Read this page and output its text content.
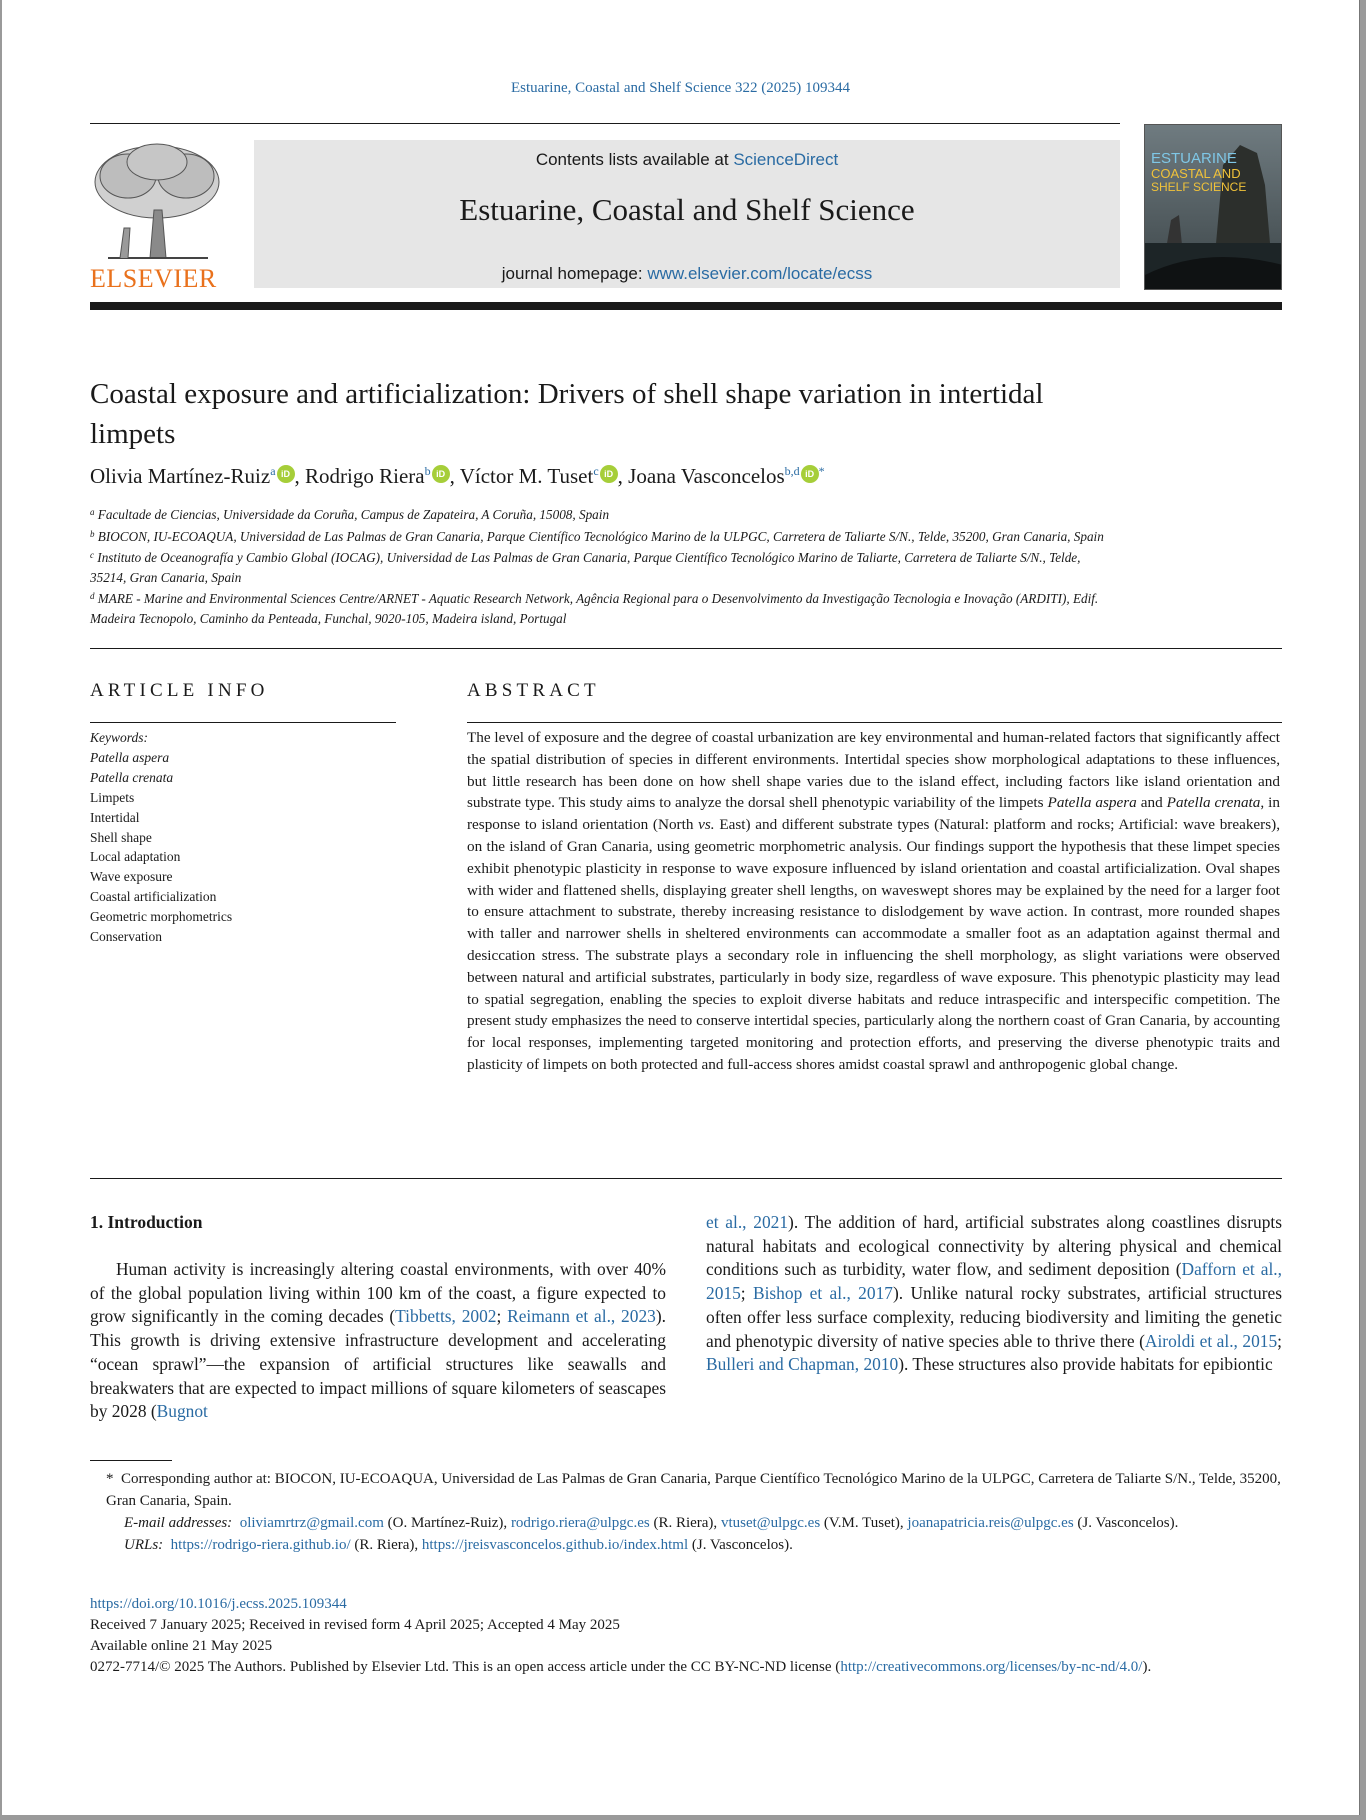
Estuarine, Coastal and Shelf Science 322 (2025) 109344
ELSEVIER
Contents lists available at ScienceDirect
Estuarine, Coastal and Shelf Science
journal homepage: www.elsevier.com/locate/ecss
ESTUARINE
COASTAL AND
SHELF SCIENCE
Coastal exposure and artificialization: Drivers of shell shape variation in intertidal limpets
Olivia Martínez-Ruiz$^a$ iD , Rodrigo Riera$^b$ iD , Víctor M. Tuset$^c$ iD , Joana Vasconcelos$^{b,d}$ iD *
$^a$ Facultade de Ciencias, Universidade da Coruña, Campus de Zapateira, A Coruña, 15008, Spain
$^b$ BIOCON, IU-ECOAQUA, Universidad de Las Palmas de Gran Canaria, Parque Científico Tecnológico Marino de la ULPGC, Carretera de Taliarte S/N., Telde, 35200, Gran Canaria, Spain
$^c$ Instituto de Oceanografía y Cambio Global (IOCAG), Universidad de Las Palmas de Gran Canaria, Parque Científico Tecnológico Marino de Taliarte, Carretera de Taliarte S/N., Telde, 35214, Gran Canaria, Spain
$^d$ MARE - Marine and Environmental Sciences Centre/ARNET - Aquatic Research Network, Agência Regional para o Desenvolvimento da Investigação Tecnologia e Inovação (ARDITI), Edif. Madeira Tecnopolo, Caminho da Penteada, Funchal, 9020-105, Madeira island, Portugal
ARTICLE INFO
Keywords:
Patella aspera
Patella crenata
Limpets
Intertidal
Shell shape
Local adaptation
Wave exposure
Coastal artificialization
Geometric morphometrics
Conservation
ABSTRACT
The level of exposure and the degree of coastal urbanization are key environmental and human-related factors that significantly affect the spatial distribution of species in different environments. Intertidal species show morphological adaptations to these influences, but little research has been done on how shell shape varies due to the island effect, including factors like island orientation and substrate type. This study aims to analyze the dorsal shell phenotypic variability of the limpets Patella aspera and Patella crenata, in response to island orientation (North vs. East) and different substrate types (Natural: platform and rocks; Artificial: wave breakers), on the island of Gran Canaria, using geometric morphometric analysis. Our findings support the hypothesis that these limpet species exhibit phenotypic plasticity in response to wave exposure influenced by island orientation and coastal artificialization. Oval shapes with wider and flattened shells, displaying greater shell lengths, on waveswept shores may be explained by the need for a larger foot to ensure attachment to substrate, thereby increasing resistance to dislodgement by wave action. In contrast, more rounded shapes with taller and narrower shells in sheltered environments can accommodate a smaller foot as an adaptation against thermal and desiccation stress. The substrate plays a secondary role in influencing the shell morphology, as slight variations were observed between natural and artificial substrates, particularly in body size, regardless of wave exposure. This phenotypic plasticity may lead to spatial segregation, enabling the species to exploit diverse habitats and reduce intraspecific and interspecific competition. The present study emphasizes the need to conserve intertidal species, particularly along the northern coast of Gran Canaria, by accounting for local responses, implementing targeted monitoring and protection efforts, and preserving the diverse phenotypic traits and plasticity of limpets on both protected and full-access shores amidst coastal sprawl and anthropogenic global change.
1. Introduction
Human activity is increasingly altering coastal environments, with over 40% of the global population living within 100 km of the coast, a figure expected to grow significantly in the coming decades (Tibbetts, 2002; Reimann et al., 2023). This growth is driving extensive infrastructure development and accelerating “ocean sprawl”—the expansion of artificial structures like seawalls and breakwaters that are expected to impact millions of square kilometers of seascapes by 2028 (Bugnot
et al., 2021). The addition of hard, artificial substrates along coastlines disrupts natural habitats and ecological connectivity by altering physical and chemical conditions such as turbidity, water flow, and sediment deposition (Dafforn et al., 2015; Bishop et al., 2017). Unlike natural rocky substrates, artificial structures often offer less surface complexity, reducing biodiversity and limiting the genetic and phenotypic diversity of native species able to thrive there (Airoldi et al., 2015; Bulleri and Chapman, 2010). These structures also provide habitats for epibiontic
* Corresponding author at: BIOCON, IU-ECOAQUA, Universidad de Las Palmas de Gran Canaria, Parque Científico Tecnológico Marino de la ULPGC, Carretera de Taliarte S/N., Telde, 35200, Gran Canaria, Spain.
E-mail addresses: oliviamrtrz@gmail.com (O. Martínez-Ruiz), rodrigo.riera@ulpgc.es (R. Riera), vtuset@ulpgc.es (V.M. Tuset), joanapatricia.reis@ulpgc.es (J. Vasconcelos).
URLs: https://rodrigo-riera.github.io/ (R. Riera), https://jreisvasconcelos.github.io/index.html (J. Vasconcelos).
https://doi.org/10.1016/j.ecss.2025.109344
Received 7 January 2025; Received in revised form 4 April 2025; Accepted 4 May 2025
Available online 21 May 2025
0272-7714/© 2025 The Authors. Published by Elsevier Ltd. This is an open access article under the CC BY-NC-ND license (http://creativecommons.org/licenses/by-nc-nd/4.0/).
